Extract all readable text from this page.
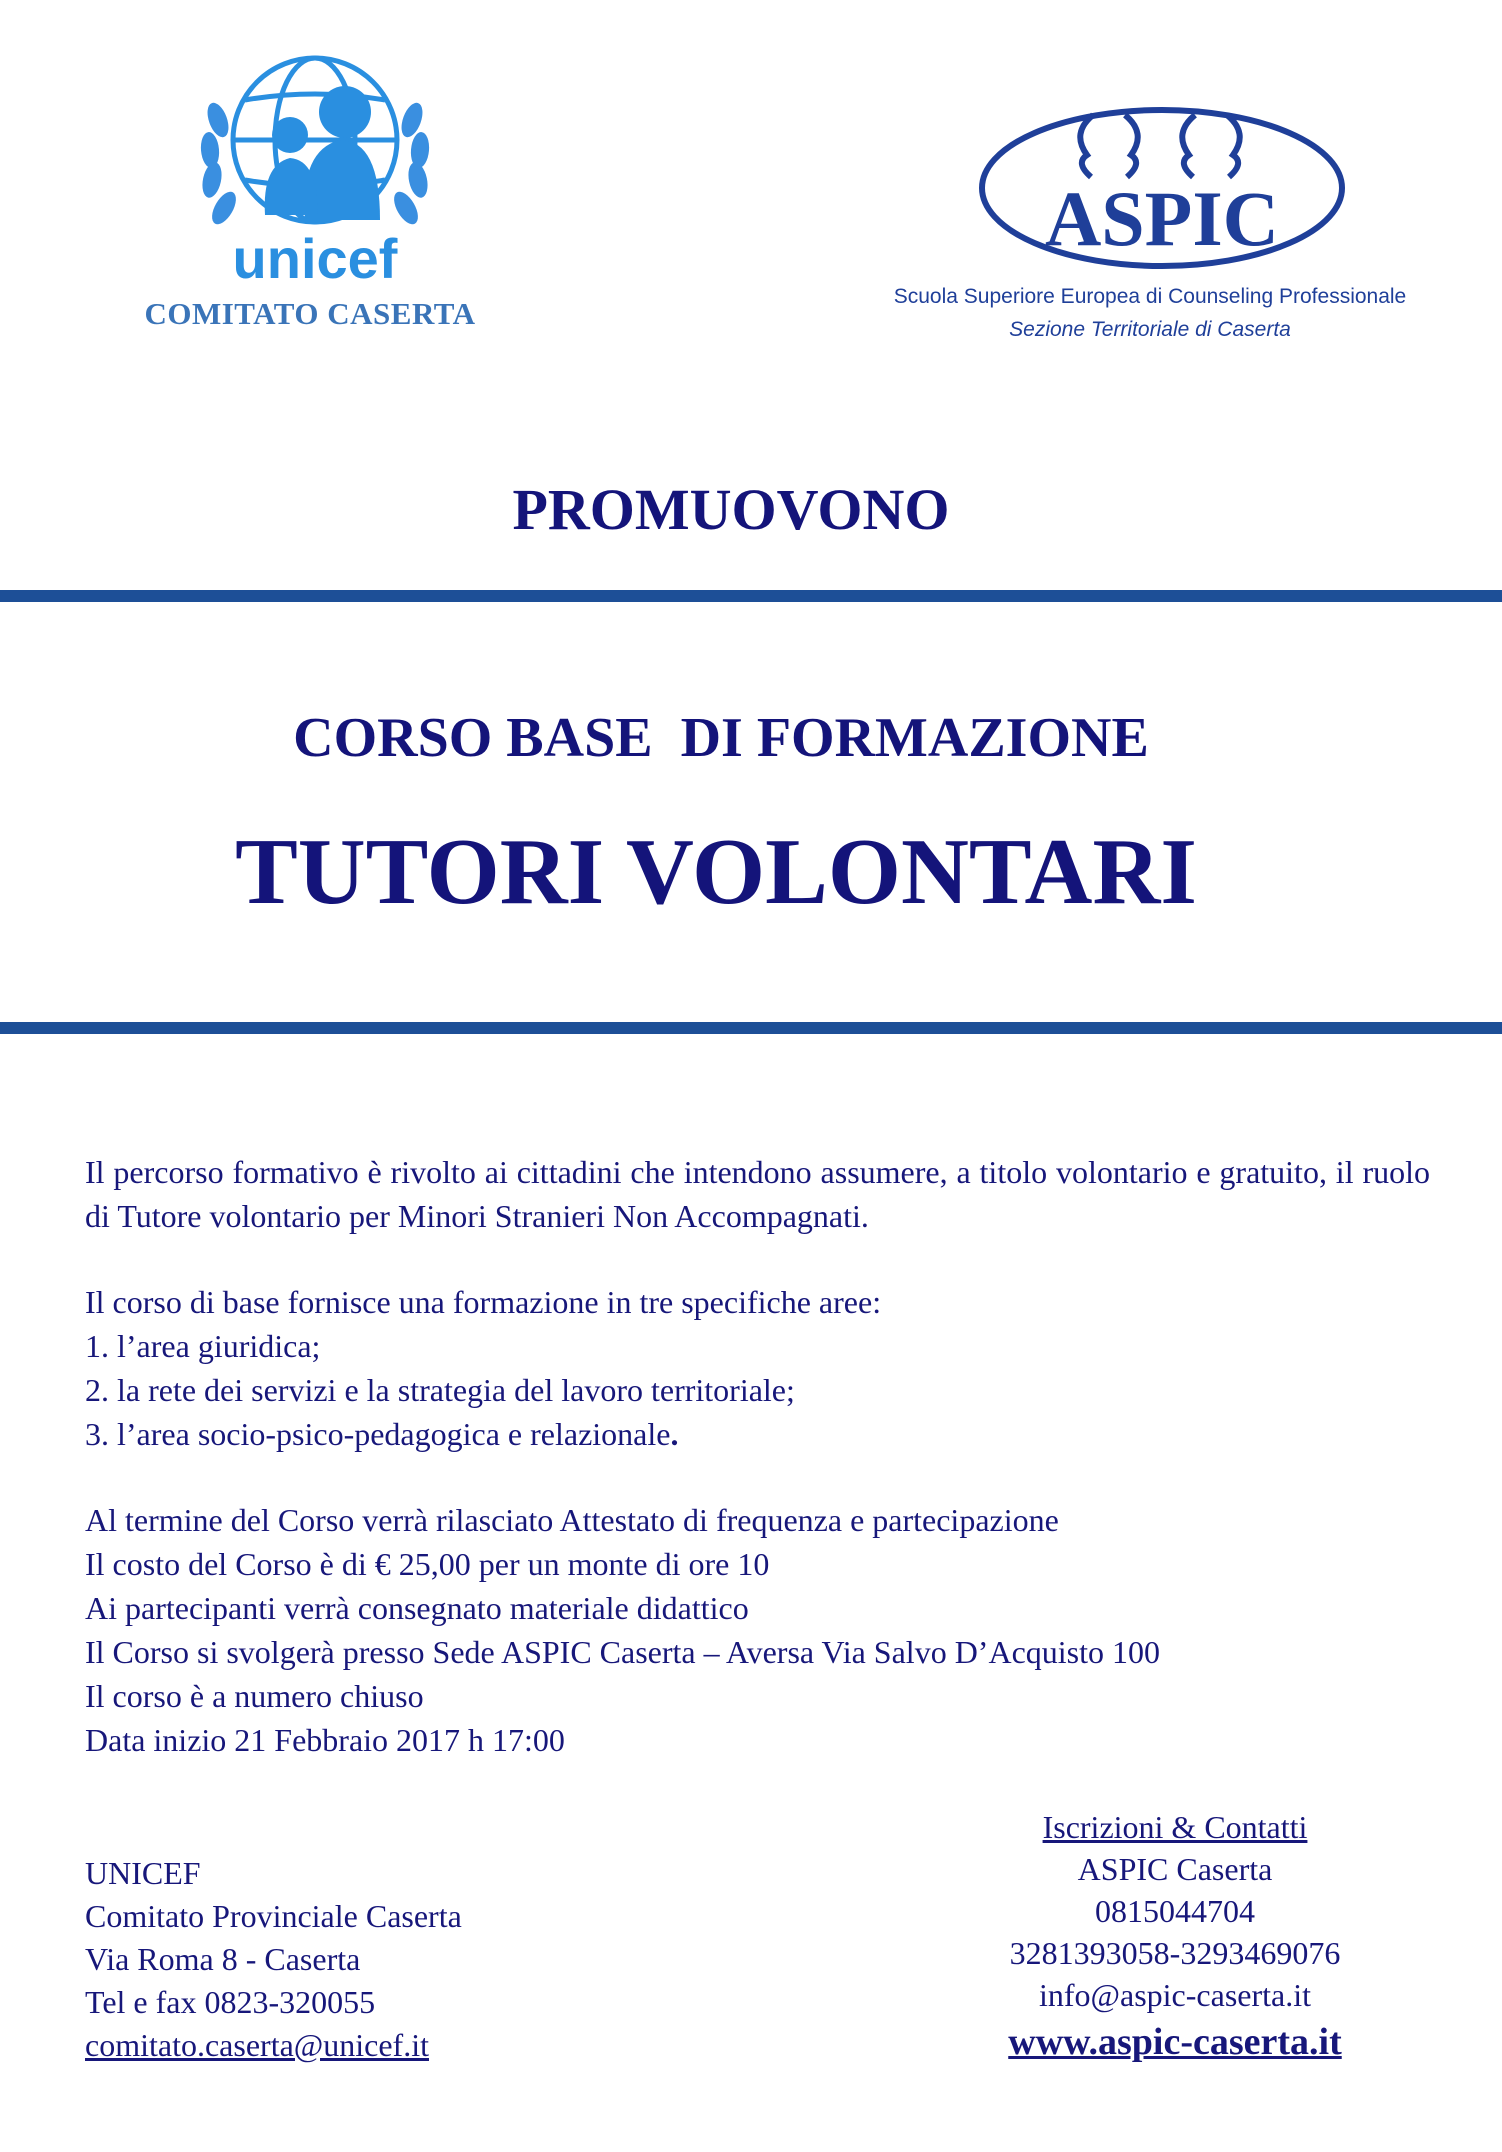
unicef
COMITATO CASERTA
ASPIC
Scuola Superiore Europea di Counseling Professionale
Sezione Territoriale di Caserta
PROMUOVONO
CORSO BASE  DI FORMAZIONE
TUTORI VOLONTARI
Il percorso formativo è rivolto ai cittadini che intendono assumere, a titolo volontario e gratuito, il ruolo di Tutore volontario per Minori Stranieri Non Accompagnati.
Il corso di base fornisce una formazione in tre specifiche aree:
1. l’area giuridica;
2. la rete dei servizi e la strategia del lavoro territoriale;
3. l’area socio-psico-pedagogica e relazionale.
Al termine del Corso verrà rilasciato Attestato di frequenza e partecipazione
Il costo del Corso è di € 25,00 per un monte di ore 10
Ai partecipanti verrà consegnato materiale didattico
Il Corso si svolgerà presso Sede ASPIC Caserta – Aversa Via Salvo D’Acquisto 100
Il corso è a numero chiuso
Data inizio 21 Febbraio 2017 h 17:00
UNICEF
Comitato Provinciale Caserta
Via Roma 8 - Caserta
Tel e fax 0823-320055
comitato.caserta@unicef.it
Iscrizioni & Contatti
ASPIC Caserta
0815044704
3281393058-3293469076
info@aspic-caserta.it
www.aspic-caserta.it
